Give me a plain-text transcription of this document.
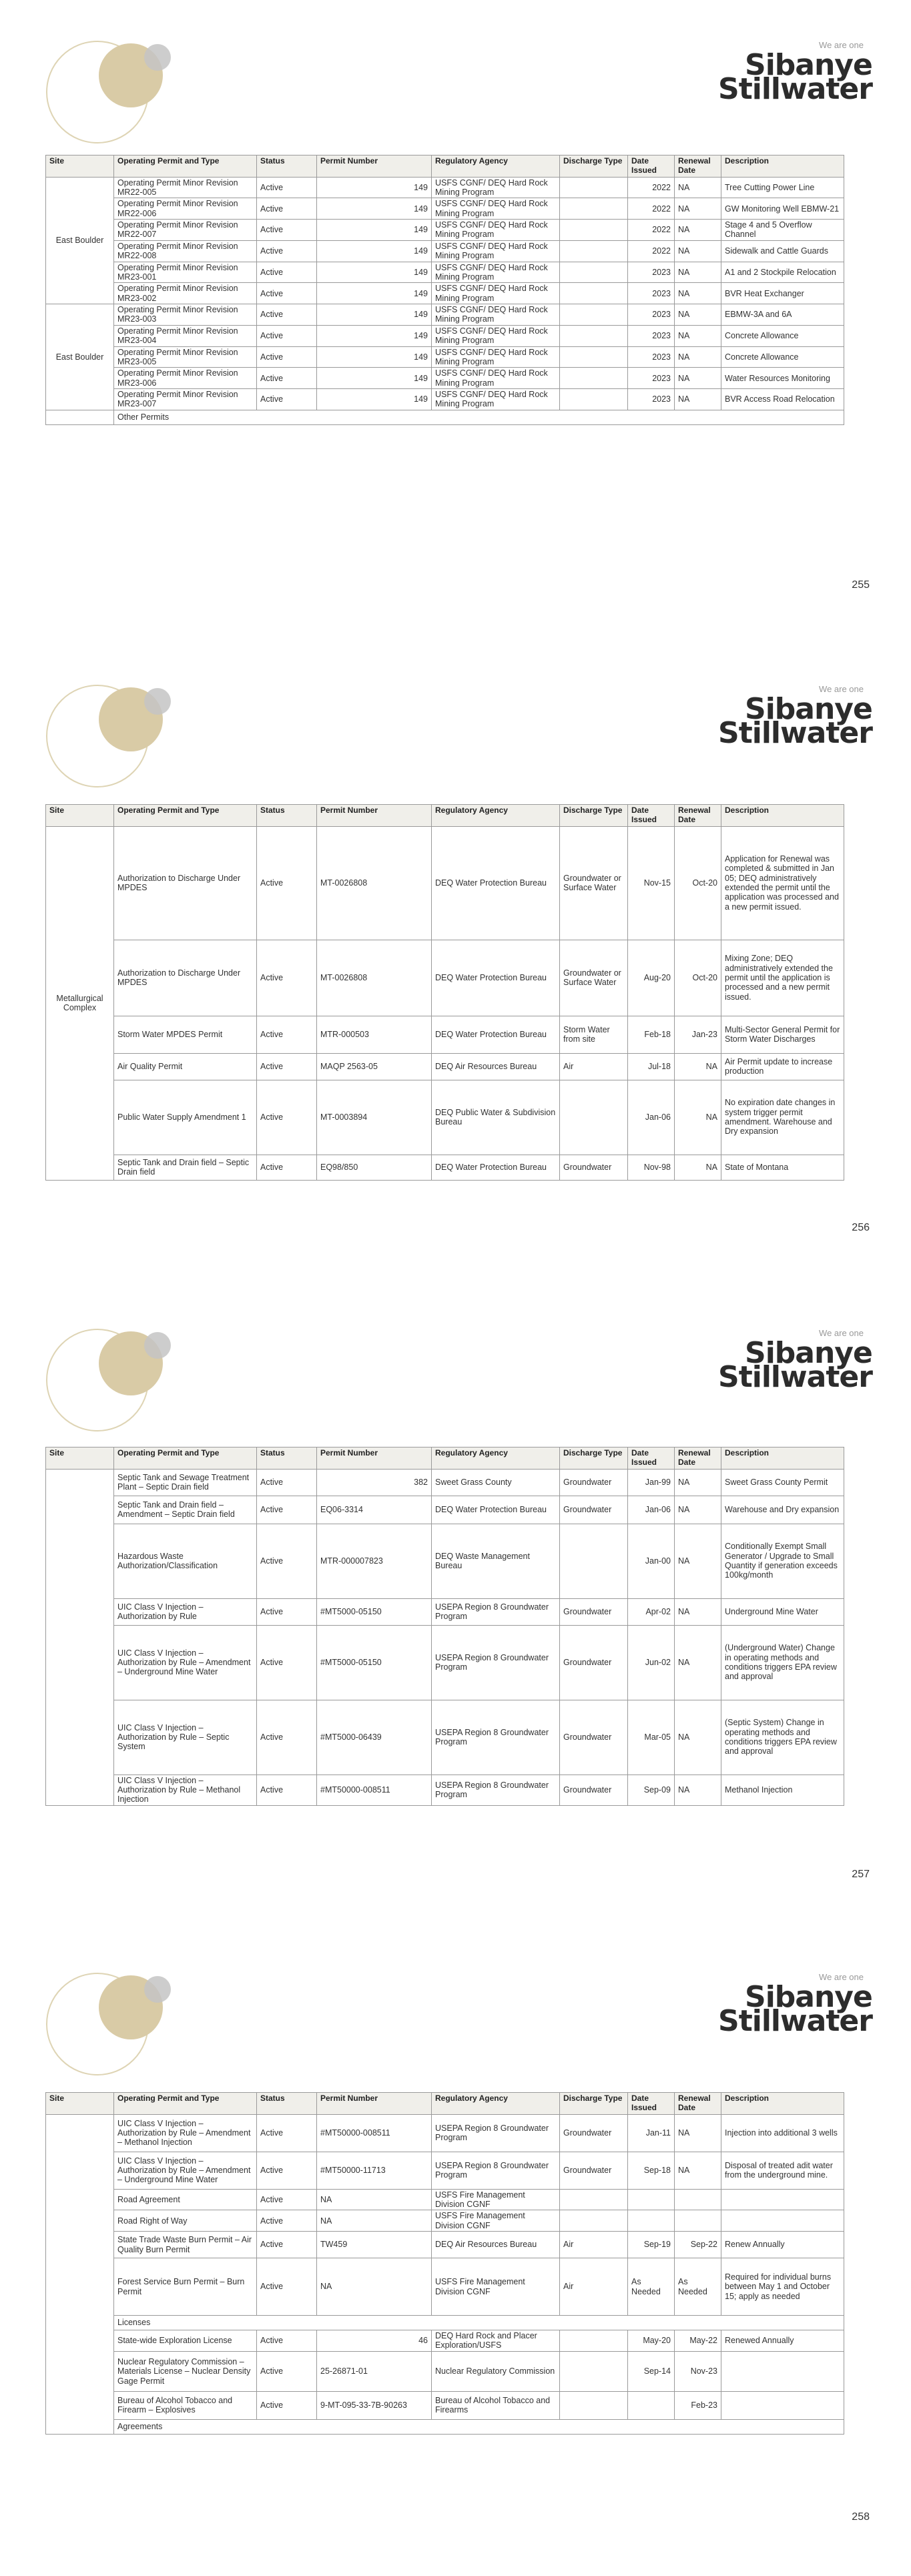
We are one
Sibanye
Stillwater
Site	Operating Permit and Type	Status	Permit Number	Regulatory Agency	Discharge Type	Date Issued	Renewal Date	Description
East Boulder	Operating Permit Minor Revision MR22-005	Active	149	USFS CGNF/ DEQ Hard Rock Mining Program		2022	NA	Tree Cutting Power Line
	Operating Permit Minor Revision MR22-006	Active	149	USFS CGNF/ DEQ Hard Rock Mining Program		2022	NA	GW Monitoring Well EBMW-21
	Operating Permit Minor Revision MR22-007	Active	149	USFS CGNF/ DEQ Hard Rock Mining Program		2022	NA	Stage 4 and 5 Overflow Channel
	Operating Permit Minor Revision MR22-008	Active	149	USFS CGNF/ DEQ Hard Rock Mining Program		2022	NA	Sidewalk and Cattle Guards
	Operating Permit Minor Revision MR23-001	Active	149	USFS CGNF/ DEQ Hard Rock Mining Program		2023	NA	A1 and 2 Stockpile Relocation
	Operating Permit Minor Revision MR23-002	Active	149	USFS CGNF/ DEQ Hard Rock Mining Program		2023	NA	BVR Heat Exchanger
East Boulder	Operating Permit Minor Revision MR23-003	Active	149	USFS CGNF/ DEQ Hard Rock Mining Program		2023	NA	EBMW-3A and 6A
	Operating Permit Minor Revision MR23-004	Active	149	USFS CGNF/ DEQ Hard Rock Mining Program		2023	NA	Concrete Allowance
	Operating Permit Minor Revision MR23-005	Active	149	USFS CGNF/ DEQ Hard Rock Mining Program		2023	NA	Concrete Allowance
	Operating Permit Minor Revision MR23-006	Active	149	USFS CGNF/ DEQ Hard Rock Mining Program		2023	NA	Water Resources Monitoring
	Operating Permit Minor Revision MR23-007	Active	149	USFS CGNF/ DEQ Hard Rock Mining Program		2023	NA	BVR Access Road Relocation
	Other Permits							
255
We are one
Sibanye
Stillwater
Site	Operating Permit and Type	Status	Permit Number	Regulatory Agency	Discharge Type	Date Issued	Renewal Date	Description
Metallurgical Complex	Authorization to Discharge Under MPDES	Active	MT-0026808	DEQ Water Protection Bureau	Groundwater or Surface Water	Nov-15	Oct-20	Application for Renewal was completed & submitted in Jan 05; DEQ administratively extended the permit until the application was processed and a new permit issued.
	Authorization to Discharge Under MPDES	Active	MT-0026808	DEQ Water Protection Bureau	Groundwater or Surface Water	Aug-20	Oct-20	Mixing Zone; DEQ administratively extended the permit until the application is processed and a new permit issued.
	Storm Water MPDES Permit	Active	MTR-000503	DEQ Water Protection Bureau	Storm Water from site	Feb-18	Jan-23	Multi-Sector General Permit for Storm Water Discharges
	Air Quality Permit	Active	MAQP 2563-05	DEQ Air Resources Bureau	Air	Jul-18	NA	Air Permit update to increase production
	Public Water Supply Amendment 1	Active	MT-0003894	DEQ Public Water & Subdivision Bureau		Jan-06	NA	No expiration date changes in system trigger permit amendment. Warehouse and Dry expansion
	Septic Tank and Drain field – Septic Drain field	Active	EQ98/850	DEQ Water Protection Bureau	Groundwater	Nov-98	NA	State of Montana
256
We are one
Sibanye
Stillwater
Site	Operating Permit and Type	Status	Permit Number	Regulatory Agency	Discharge Type	Date Issued	Renewal Date	Description
	Septic Tank and Sewage Treatment Plant – Septic Drain field	Active	382	Sweet Grass County	Groundwater	Jan-99	NA	Sweet Grass County Permit
	Septic Tank and Drain field – Amendment – Septic Drain field	Active	EQ06-3314	DEQ Water Protection Bureau	Groundwater	Jan-06	NA	Warehouse and Dry expansion
	Hazardous Waste Authorization/Classification	Active	MTR-000007823	DEQ Waste Management Bureau		Jan-00	NA	Conditionally Exempt Small Generator / Upgrade to Small Quantity if generation exceeds 100kg/month
	UIC Class V Injection – Authorization by Rule	Active	#MT5000-05150	USEPA Region 8 Groundwater Program	Groundwater	Apr-02	NA	Underground Mine Water
	UIC Class V Injection – Authorization by Rule – Amendment – Underground Mine Water	Active	#MT5000-05150	USEPA Region 8 Groundwater Program	Groundwater	Jun-02	NA	(Underground Water) Change in operating methods and conditions triggers EPA review and approval
	UIC Class V Injection – Authorization by Rule – Septic System	Active	#MT5000-06439	USEPA Region 8 Groundwater Program	Groundwater	Mar-05	NA	(Septic System) Change in operating methods and conditions triggers EPA review and approval
	UIC Class V Injection – Authorization by Rule – Methanol Injection	Active	#MT50000-008511	USEPA Region 8 Groundwater Program	Groundwater	Sep-09	NA	Methanol Injection
257
We are one
Sibanye
Stillwater
Site	Operating Permit and Type	Status	Permit Number	Regulatory Agency	Discharge Type	Date Issued	Renewal Date	Description
	UIC Class V Injection – Authorization by Rule – Amendment – Methanol Injection	Active	#MT50000-008511	USEPA Region 8 Groundwater Program	Groundwater	Jan-11	NA	Injection into additional 3 wells
	UIC Class V Injection – Authorization by Rule – Amendment – Underground Mine Water	Active	#MT50000-11713	USEPA Region 8 Groundwater Program	Groundwater	Sep-18	NA	Disposal of treated adit water from the underground mine.
	Road Agreement	Active	NA	USFS Fire Management Division CGNF				
	Road Right of Way	Active	NA	USFS Fire Management Division CGNF				
	State Trade Waste Burn Permit – Air Quality Burn Permit	Active	TW459	DEQ Air Resources Bureau	Air	Sep-19	Sep-22	Renew Annually
	Forest Service Burn Permit – Burn Permit	Active	NA	USFS Fire Management Division CGNF	Air	As Needed	As Needed	Required for individual burns between May 1 and October 15; apply as needed
	Licenses							
	State-wide Exploration License	Active	46	DEQ Hard Rock and Placer Exploration/USFS		May-20	May-22	Renewed Annually
	Nuclear Regulatory Commission – Materials License – Nuclear Density Gage Permit	Active	25-26871-01	Nuclear Regulatory Commission		Sep-14	Nov-23	
	Bureau of Alcohol Tobacco and Firearm – Explosives	Active	9-MT-095-33-7B-90263	Bureau of Alcohol Tobacco and Firearms			Feb-23	
	Agreements							
258
